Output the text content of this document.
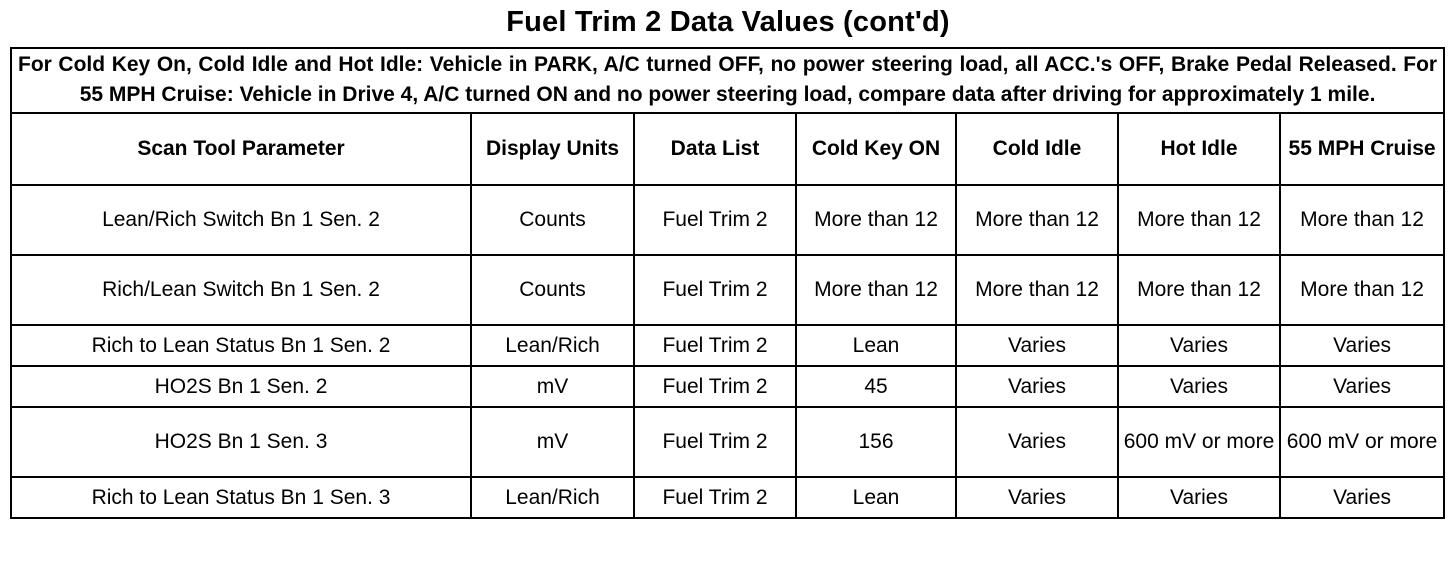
Fuel Trim 2 Data Values (cont'd)
For Cold Key On, Cold Idle and Hot Idle: Vehicle in PARK, A/C turned OFF, no power steering load, all ACC.'s OFF, Brake Pedal Released. For 55 MPH Cruise: Vehicle in Drive 4, A/C turned ON and no power steering load, compare data after driving for approximately 1 mile.						

Scan Tool Parameter	Display Units	Data List	Cold Key ON	Cold Idle	Hot Idle	55 MPH Cruise
Lean/Rich Switch Bn 1 Sen. 2	Counts	Fuel Trim 2	More than 12	More than 12	More than 12	More than 12
Rich/Lean Switch Bn 1 Sen. 2	Counts	Fuel Trim 2	More than 12	More than 12	More than 12	More than 12
Rich to Lean Status Bn 1 Sen. 2	Lean/Rich	Fuel Trim 2	Lean	Varies	Varies	Varies
HO2S Bn 1 Sen. 2	mV	Fuel Trim 2	45	Varies	Varies	Varies
HO2S Bn 1 Sen. 3	mV	Fuel Trim 2	156	Varies	600 mV or more	600 mV or more
Rich to Lean Status Bn 1 Sen. 3	Lean/Rich	Fuel Trim 2	Lean	Varies	Varies	Varies
